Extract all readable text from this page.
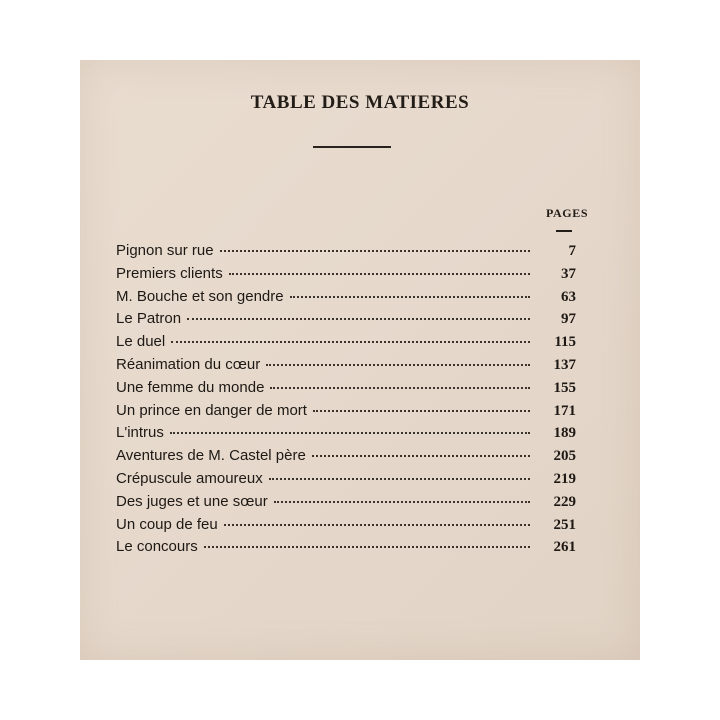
TABLE DES MATIERES
PAGES
Pignon sur rue	7
Premiers clients	37
M. Bouche et son gendre	63
Le Patron	97
Le duel	115
Réanimation du cœur	137
Une femme du monde	155
Un prince en danger de mort	171
L'intrus	189
Aventures de M. Castel père	205
Crépuscule amoureux	219
Des juges et une sœur	229
Un coup de feu	251
Le concours	261
